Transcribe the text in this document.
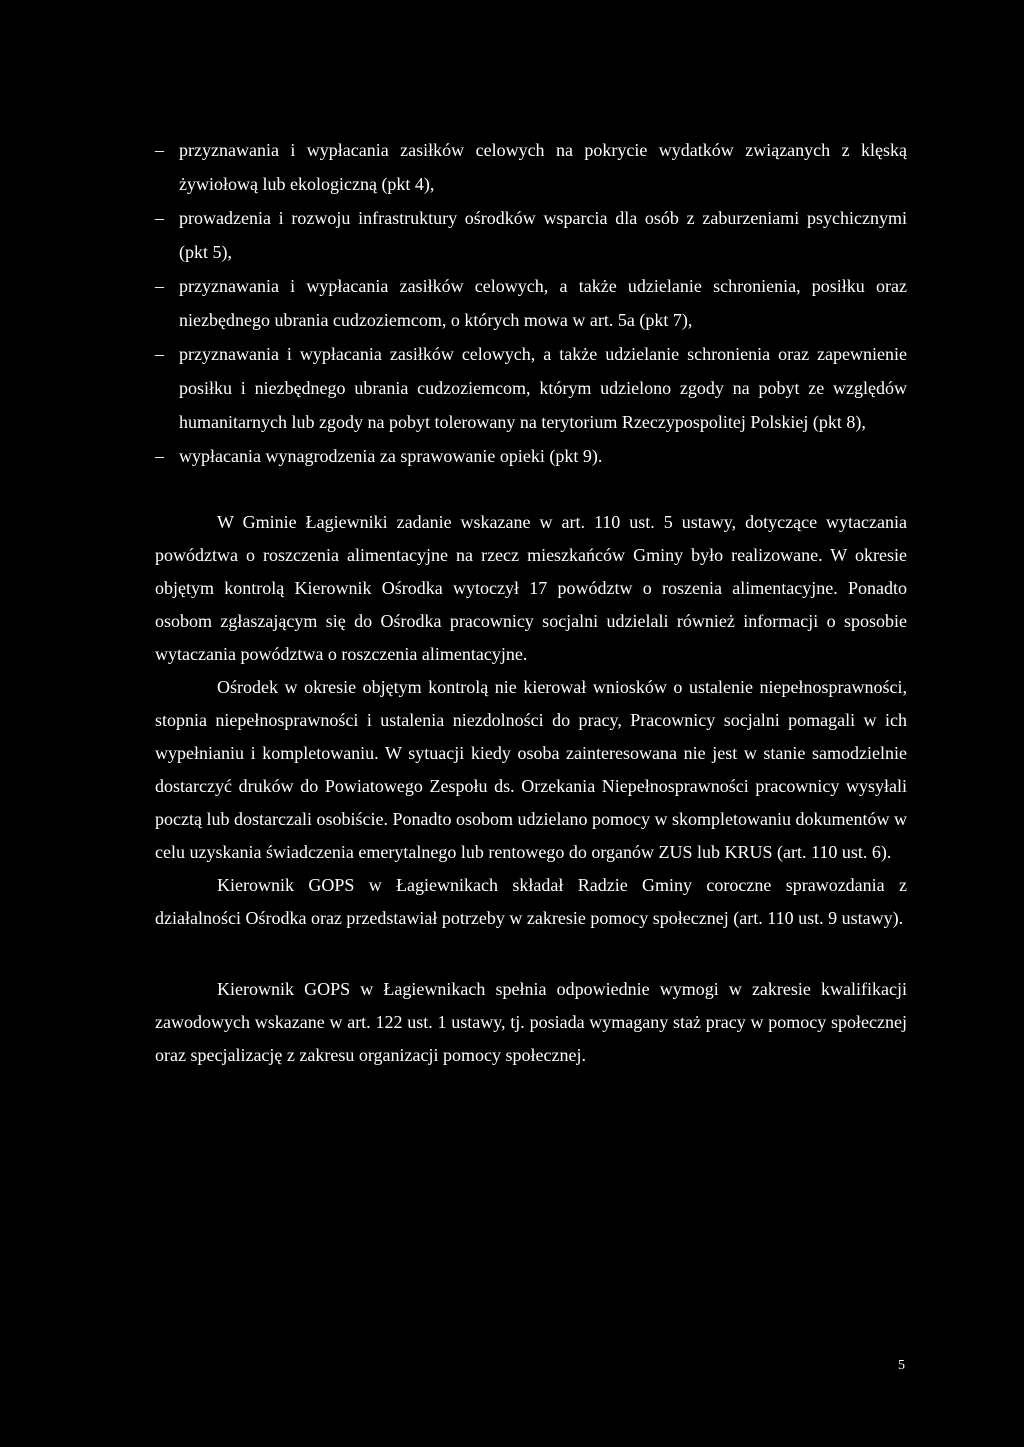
– przyznawania i wypłacania zasiłków celowych na pokrycie wydatków związanych z klęską żywiołową lub ekologiczną (pkt 4),
– prowadzenia i rozwoju infrastruktury ośrodków wsparcia dla osób z zaburzeniami psychicznymi (pkt 5),
– przyznawania i wypłacania zasiłków celowych, a także udzielanie schronienia, posiłku oraz niezbędnego ubrania cudzoziemcom, o których mowa w art. 5a (pkt 7),
– przyznawania i wypłacania zasiłków celowych, a także udzielanie schronienia oraz zapewnienie posiłku i niezbędnego ubrania cudzoziemcom, którym udzielono zgody na pobyt ze względów humanitarnych lub zgody na pobyt tolerowany na terytorium Rzeczypospolitej Polskiej (pkt 8),
– wypłacania wynagrodzenia za sprawowanie opieki (pkt 9).

W Gminie Łagiewniki zadanie wskazane w art. 110 ust. 5 ustawy, dotyczące wytaczania powództwa o roszczenia alimentacyjne na rzecz mieszkańców Gminy było realizowane. W okresie objętym kontrolą Kierownik Ośrodka wytoczył 17 powództw o roszenia alimentacyjne. Ponadto osobom zgłaszającym się do Ośrodka pracownicy socjalni udzielali również informacji o sposobie wytaczania powództwa o roszczenia alimentacyjne.

Ośrodek w okresie objętym kontrolą nie kierował wniosków o ustalenie niepełnosprawności, stopnia niepełnosprawności i ustalenia niezdolności do pracy, Pracownicy socjalni pomagali w ich wypełnianiu i kompletowaniu. W sytuacji kiedy osoba zainteresowana nie jest w stanie samodzielnie dostarczyć druków do Powiatowego Zespołu ds. Orzekania Niepełnosprawności pracownicy wysyłali pocztą lub dostarczali osobiście. Ponadto osobom udzielano pomocy w skompletowaniu dokumentów w celu uzyskania świadczenia emerytalnego lub rentowego do organów ZUS lub KRUS (art. 110 ust. 6).

Kierownik GOPS w Łagiewnikach składał Radzie Gminy coroczne sprawozdania z działalności Ośrodka oraz przedstawiał potrzeby w zakresie pomocy społecznej (art. 110 ust. 9 ustawy).

Kierownik GOPS w Łagiewnikach spełnia odpowiednie wymogi w zakresie kwalifikacji zawodowych wskazane w art. 122 ust. 1 ustawy, tj. posiada wymagany staż pracy w pomocy społecznej oraz specjalizację z zakresu organizacji pomocy społecznej.

5
